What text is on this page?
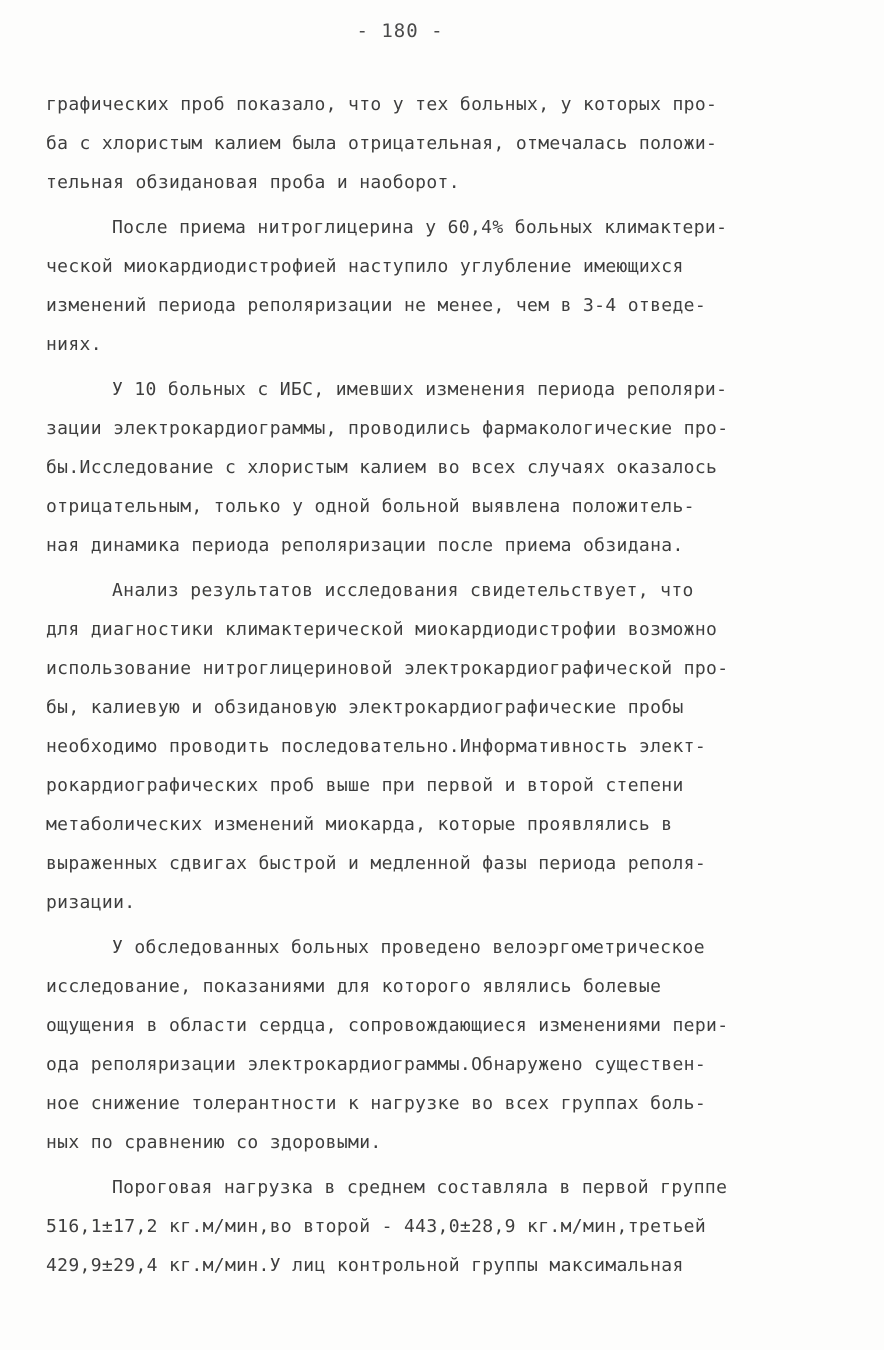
- 180 -
графических проб показало, что у тех больных, у которых про-
ба с хлористым калием была отрицательная, отмечалась положи-
тельная обзидановая проба и наоборот.
После приема нитроглицерина у 60,4% больных климактери-
ческой миокардиодистрофией наступило углубление имеющихся
изменений периода реполяризации не менее, чем в 3-4 отведе-
ниях.
У 10 больных с ИБС, имевших изменения периода реполяри-
зации электрокардиограммы, проводились фармакологические про-
бы.Исследование с хлористым калием во всех случаях оказалось
отрицательным, только у одной больной выявлена положитель-
ная динамика периода реполяризации после приема обзидана.
Анализ результатов исследования свидетельствует, что
для диагностики климактерической миокардиодистрофии возможно
использование нитроглицериновой электрокардиографической про-
бы, калиевую и обзидановую электрокардиографические пробы
необходимо проводить последовательно.Информативность элект-
рокардиографических проб выше при первой и второй степени
метаболических изменений миокарда, которые проявлялись в
выраженных сдвигах быстрой и медленной фазы периода реполя-
ризации.
У обследованных больных проведено велоэргометрическое
исследование, показаниями для которого являлись болевые
ощущения в области сердца, сопровождающиеся изменениями пери-
ода реполяризации электрокардиограммы.Обнаружено существен-
ное снижение толерантности к нагрузке во всех группах боль-
ных по сравнению со здоровыми.
Пороговая нагрузка в среднем составляла в первой группе
516,1±17,2 кг.м/мин,во второй - 443,0±28,9 кг.м/мин,третьей
429,9±29,4 кг.м/мин.У лиц контрольной группы максимальная
